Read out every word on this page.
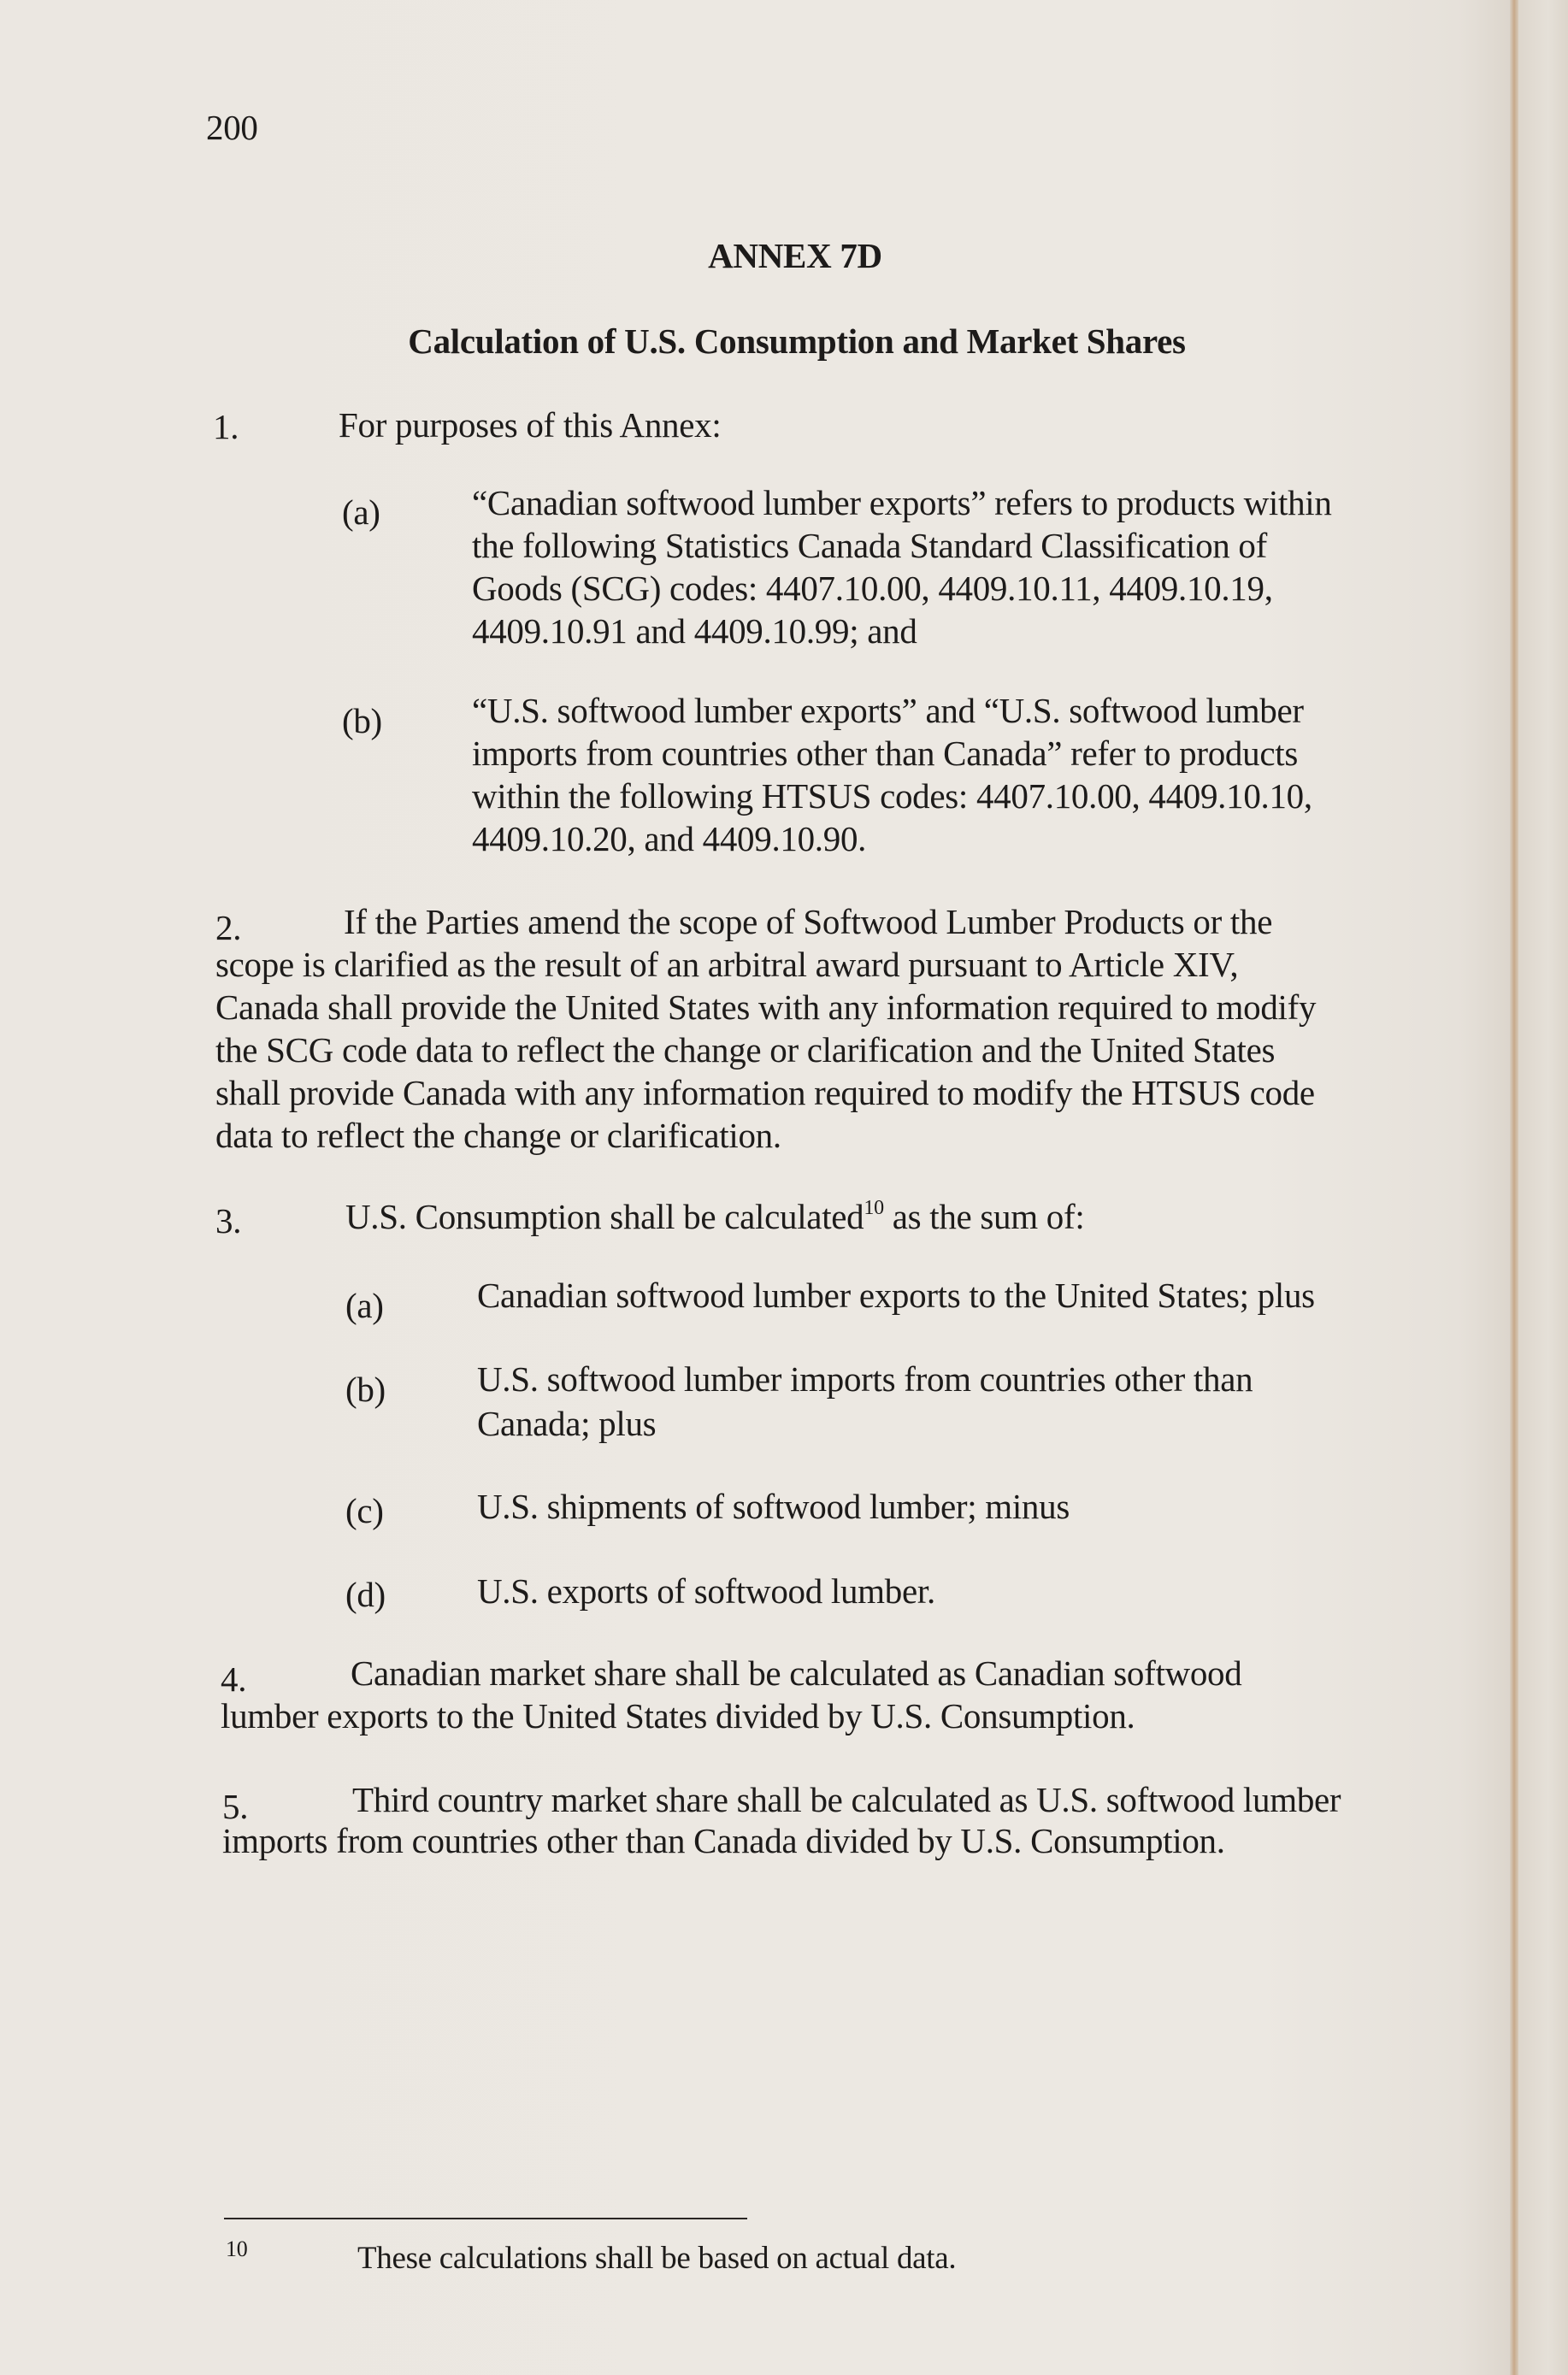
200
ANNEX 7D
Calculation of U.S. Consumption and Market Shares
1.	For purposes of this Annex:
(a)	“Canadian softwood lumber exports” refers to products within
the following Statistics Canada Standard Classification of
Goods (SCG) codes: 4407.10.00, 4409.10.11, 4409.10.19,
4409.10.91 and 4409.10.99; and
(b)	“U.S. softwood lumber exports” and “U.S. softwood lumber
imports from countries other than Canada” refer to products
within the following HTSUS codes: 4407.10.00, 4409.10.10,
4409.10.20, and 4409.10.90.
2.	If the Parties amend the scope of Softwood Lumber Products or the
scope is clarified as the result of an arbitral award pursuant to Article XIV,
Canada shall provide the United States with any information required to modify
the SCG code data to reflect the change or clarification and the United States
shall provide Canada with any information required to modify the HTSUS code
data to reflect the change or clarification.
3.	U.S. Consumption shall be calculated$^{10}$ as the sum of:
(a)	Canadian softwood lumber exports to the United States; plus
(b)	U.S. softwood lumber imports from countries other than
Canada; plus
(c)	U.S. shipments of softwood lumber; minus
(d)	U.S. exports of softwood lumber.
4.	Canadian market share shall be calculated as Canadian softwood
lumber exports to the United States divided by U.S. Consumption.
5.	Third country market share shall be calculated as U.S. softwood lumber
imports from countries other than Canada divided by U.S. Consumption.
10	These calculations shall be based on actual data.
